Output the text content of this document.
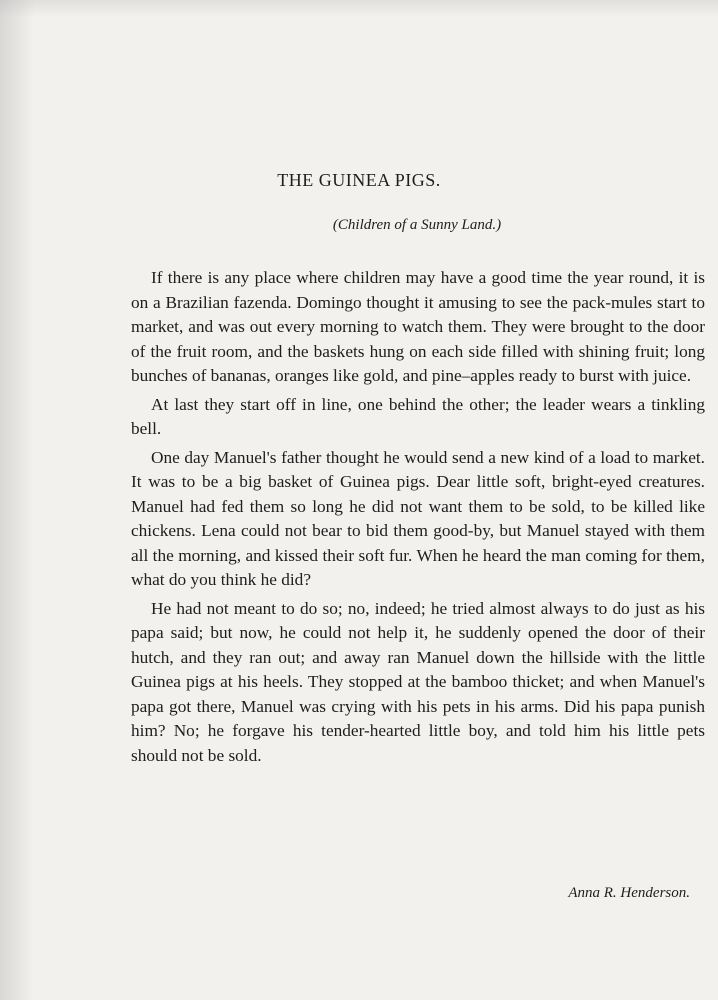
THE GUINEA PIGS.
(Children of a Sunny Land.)

If there is any place where children may have a good time the year round, it is on a Brazilian fazenda. Domingo thought it amusing to see the pack-mules start to market, and was out every morning to watch them. They were brought to the door of the fruit room, and the baskets hung on each side filled with shining fruit; long bunches of bananas, oranges like gold, and pine–apples ready to burst with juice.

At last they start off in line, one behind the other; the leader wears a tinkling bell.

One day Manuel's father thought he would send a new kind of a load to market. It was to be a big basket of Guinea pigs. Dear little soft, bright-eyed creatures. Manuel had fed them so long he did not want them to be sold, to be killed like chickens. Lena could not bear to bid them good-by, but Manuel stayed with them all the morning, and kissed their soft fur. When he heard the man coming for them, what do you think he did?

He had not meant to do so; no, indeed; he tried almost always to do just as his papa said; but now, he could not help it, he suddenly opened the door of their hutch, and they ran out; and away ran Manuel down the hillside with the little Guinea pigs at his heels. They stopped at the bamboo thicket; and when Manuel's papa got there, Manuel was crying with his pets in his arms. Did his papa punish him? No; he forgave his tender-hearted little boy, and told him his little pets should not be sold.

Anna R. Henderson.
